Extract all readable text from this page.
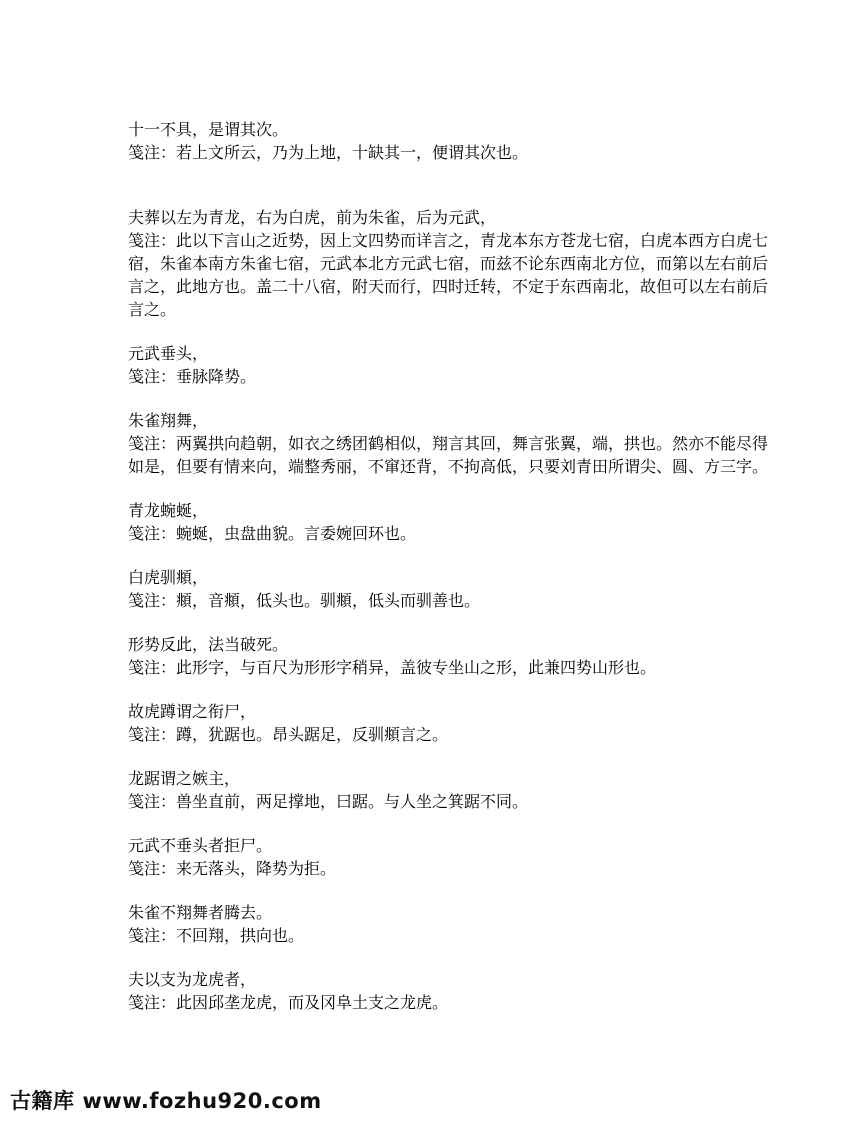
十一不具，是谓其次。
笺注：若上文所云，乃为上地，十缺其一，便谓其次也。
夫葬以左为青龙，右为白虎，前为朱雀，后为元武，
笺注：此以下言山之近势，因上文四势而详言之，青龙本东方苍龙七宿，白虎本西方白虎七宿，朱雀本南方朱雀七宿，元武本北方元武七宿，而兹不论东西南北方位，而第以左右前后言之，此地方也。盖二十八宿，附天而行，四时迁转，不定于东西南北，故但可以左右前后言之。
元武垂头，
笺注：垂脉降势。
朱雀翔舞，
笺注：两翼拱向趋朝，如衣之绣团鹤相似，翔言其回，舞言张翼，端，拱也。然亦不能尽得如是，但要有情来向，端整秀丽，不窜还背，不拘高低，只要刘青田所谓尖、圆、方三字。
青龙蜿蜒，
笺注：蜿蜒，虫盘曲貌。言委婉回环也。
白虎驯頫，
笺注：頫，音頫，低头也。驯頫，低头而驯善也。
形势反此，法当破死。
笺注：此形字，与百尺为形形字稍异，盖彼专坐山之形，此兼四势山形也。
故虎蹲谓之衔尸，
笺注：蹲，犹踞也。昂头踞足，反驯頫言之。
龙踞谓之嫉主，
笺注：兽坐直前，两足撑地，曰踞。与人坐之箕踞不同。
元武不垂头者拒尸。
笺注：来无落头，降势为拒。
朱雀不翔舞者腾去。
笺注：不回翔，拱向也。
夫以支为龙虎者，
笺注：此因邱垄龙虎，而及冈阜土支之龙虎。
古籍库 www.fozhu920.com
